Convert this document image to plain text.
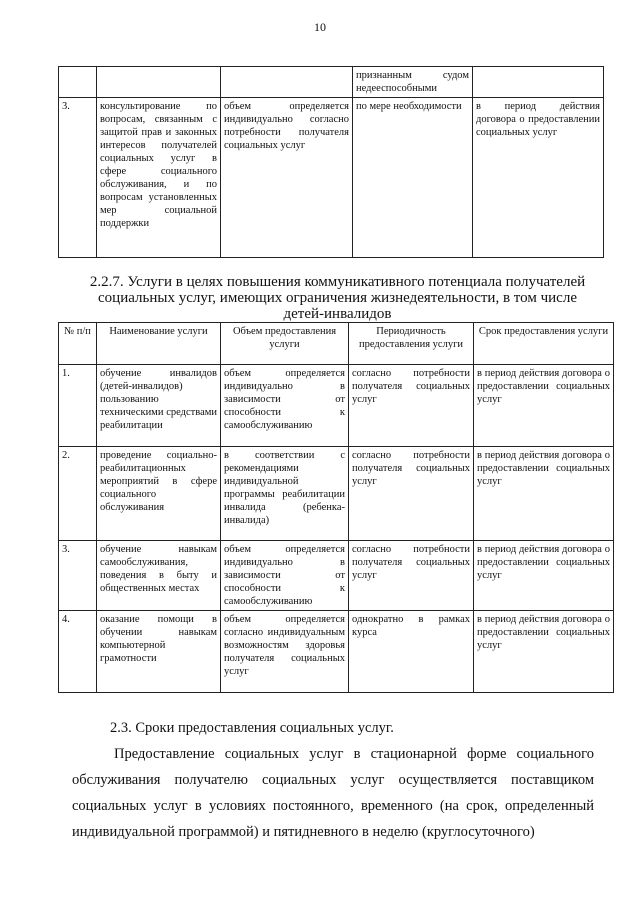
10
			признанным судом недееспособными	
3.	консультирование по вопросам, связанным с защитой прав и законных интересов получателей социальных услуг в сфере социального обслуживания, и по вопросам установленных мер социальной поддержки	объем определяется индивидуально согласно потребности получателя социальных услуг	по мере необходимости	в период действия договора о предоставлении социальных услуг
2.2.7. Услуги в целях повышения коммуникативного потенциала получателей
социальных услуг, имеющих ограничения жизнедеятельности, в том числе
детей-инвалидов
№ п/п	Наименование услуги	Объем предоставления услуги	Периодичность предоставления услуги	Срок предоставления услуги
1.	обучение инвалидов (детей-инвалидов) пользованию техническими средствами реабилитации	объем определяется индивидуально в зависимости от способности к самообслуживанию	согласно потребности получателя социальных услуг	в период действия договора о предоставлении социальных услуг
2.	проведение социально-реабилитационных мероприятий в сфере социального обслуживания	в соответствии с рекомендациями индивидуальной программы реабилитации инвалида (ребенка-инвалида)	согласно потребности получателя социальных услуг	в период действия договора о предоставлении социальных услуг
3.	обучение навыкам самообслуживания, поведения в быту и общественных местах	объем определяется индивидуально в зависимости от способности к самообслуживанию	согласно потребности получателя социальных услуг	в период действия договора о предоставлении социальных услуг
4.	оказание помощи в обучении навыкам компьютерной грамотности	объем определяется согласно индивидуальным возможностям здоровья получателя социальных услуг	однократно в рамках курса	в период действия договора о предоставлении социальных услуг
2.3. Сроки предоставления социальных услуг.
Предоставление социальных услуг в стационарной форме социального обслуживания получателю социальных услуг осуществляется поставщиком социальных услуг в условиях постоянного, временного (на срок, определенный индивидуальной программой) и пятидневного в неделю (круглосуточного)
